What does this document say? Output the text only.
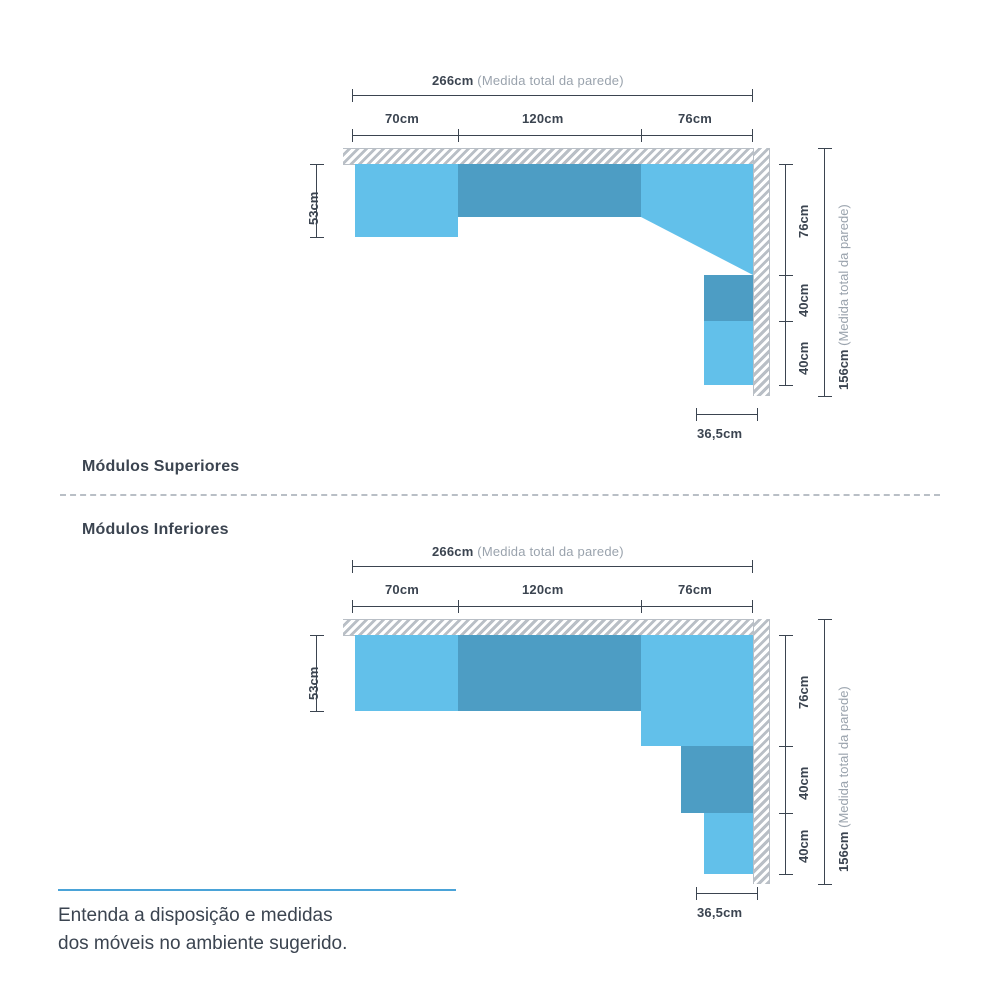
266cm (Medida total da parede)
70cm	120cm	76cm
53cm
156cm (Medida total da parede)
76cm
40cm
40cm
36,5cm
Módulos Superiores
Módulos Inferiores
266cm (Medida total da parede)
70cm	120cm	76cm
53cm
156cm (Medida total da parede)
76cm
40cm
40cm
36,5cm
Entenda a disposição e medidas
dos móveis no ambiente sugerido.
